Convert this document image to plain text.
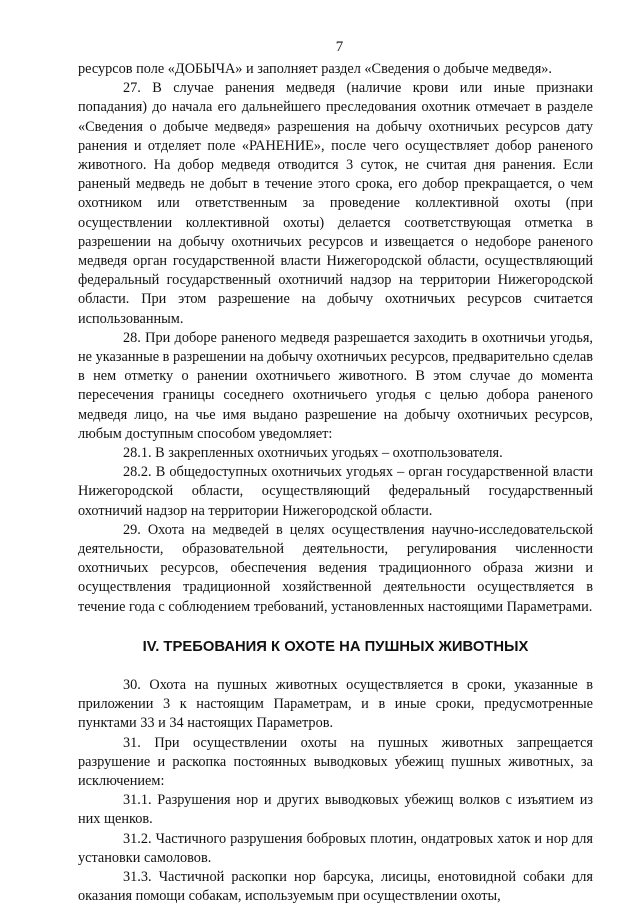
7

ресурсов поле «ДОБЫЧА» и заполняет раздел «Сведения о добыче медведя».

27. В случае ранения медведя (наличие крови или иные признаки попадания) до начала его дальнейшего преследования охотник отмечает в разделе «Сведения о добыче медведя» разрешения на добычу охотничьих ресурсов дату ранения и отделяет поле «РАНЕНИЕ», после чего осуществляет добор раненого животного. На добор медведя отводится 3 суток, не считая дня ранения. Если раненый медведь не добыт в течение этого срока, его добор прекращается, о чем охотником или ответственным за проведение коллективной охоты (при осуществлении коллективной охоты) делается соответствующая отметка в разрешении на добычу охотничьих ресурсов и извещается о недоборе раненого медведя орган государственной власти Нижегородской области, осуществляющий федеральный государственный охотничий надзор на территории Нижегородской области. При этом разрешение на добычу охотничьих ресурсов считается использованным.

28. При доборе раненого медведя разрешается заходить в охотничьи угодья, не указанные в разрешении на добычу охотничьих ресурсов, предварительно сделав в нем отметку о ранении охотничьего животного. В этом случае до момента пересечения границы соседнего охотничьего угодья с целью добора раненого медведя лицо, на чье имя выдано разрешение на добычу охотничьих ресурсов, любым доступным способом уведомляет:

28.1. В закрепленных охотничьих угодьях – охотпользователя.

28.2. В общедоступных охотничьих угодьях – орган государственной власти Нижегородской области, осуществляющий федеральный государственный охотничий надзор на территории Нижегородской области.

29. Охота на медведей в целях осуществления научно-исследовательской деятельности, образовательной деятельности, регулирования численности охотничьих ресурсов, обеспечения ведения традиционного образа жизни и осуществления традиционной хозяйственной деятельности осуществляется в течение года с соблюдением требований, установленных настоящими Параметрами.

IV. ТРЕБОВАНИЯ К ОХОТЕ НА ПУШНЫХ ЖИВОТНЫХ

30. Охота на пушных животных осуществляется в сроки, указанные в приложении 3 к настоящим Параметрам, и в иные сроки, предусмотренные пунктами 33 и 34 настоящих Параметров.

31. При осуществлении охоты на пушных животных запрещается разрушение и раскопка постоянных выводковых убежищ пушных животных, за исключением:

31.1. Разрушения нор и других выводковых убежищ волков с изъятием из них щенков.

31.2. Частичного разрушения бобровых плотин, ондатровых хаток и нор для установки самоловов.

31.3. Частичной раскопки нор барсука, лисицы, енотовидной собаки для оказания помощи собакам, используемым при осуществлении охоты,
